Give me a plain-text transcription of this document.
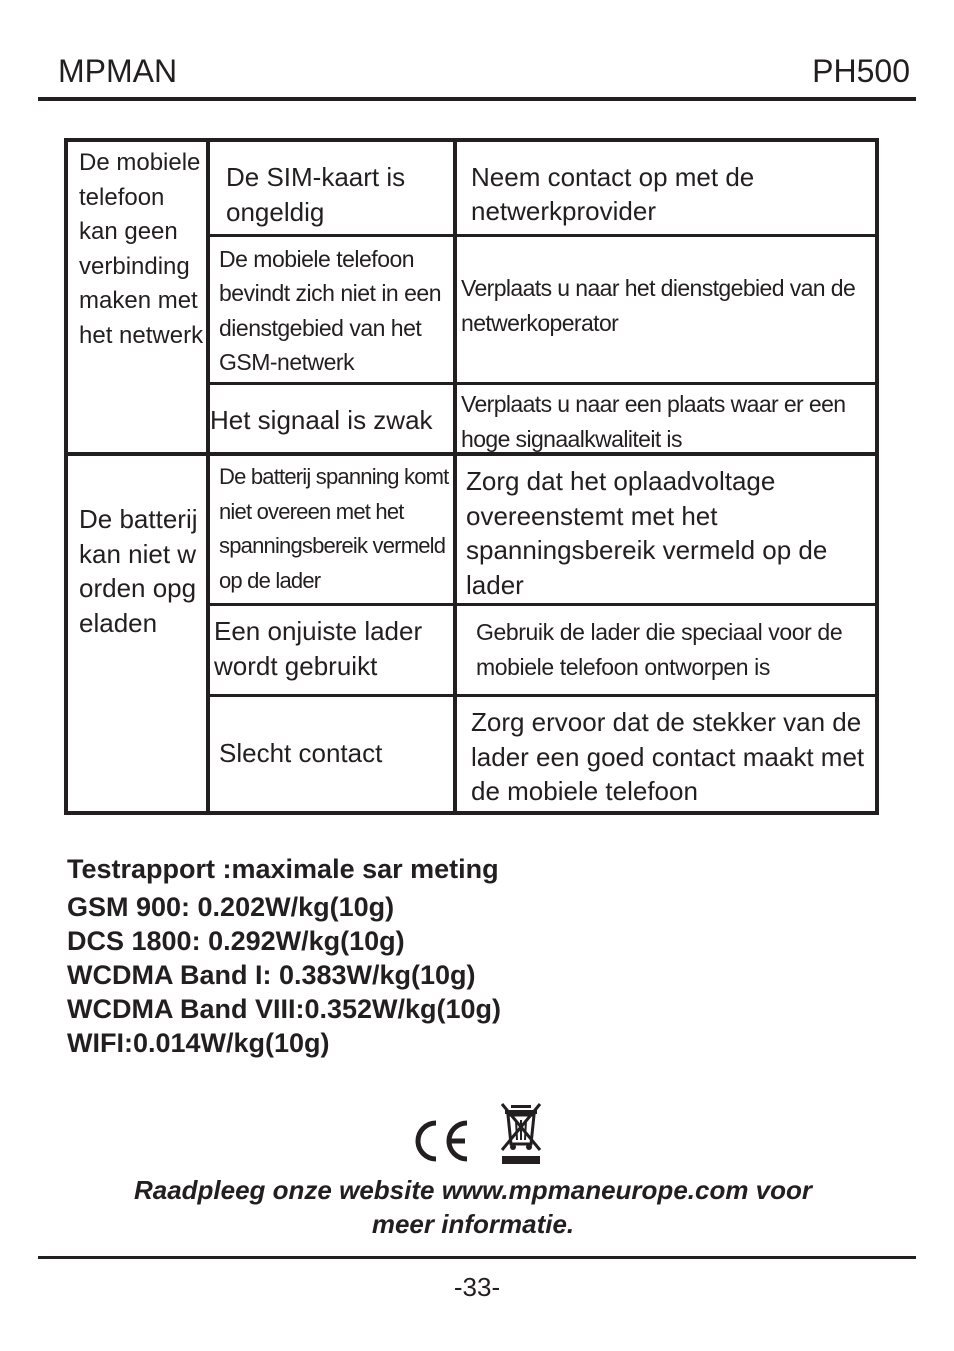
MPMAN	PH500
De mobiele telefoon kan geen verbinding maken met het netwerk
De batterij kan niet worden opgeladen
De SIM-kaart is ongeldig
Neem contact op met de netwerkprovider
De mobiele telefoon bevindt zich niet in een dienstgebied van het GSM-netwerk
Verplaats u naar het dienstgebied van de netwerkoperator
Het signaal is zwak
Verplaats u naar een plaats waar er een hoge signaalkwaliteit is
De batterij spanning komt niet overeen met het spanningsbereik vermeld op de lader
Zorg dat het oplaadvoltage overeenstemt met het spanningsbereik vermeld op de lader
Een onjuiste lader wordt gebruikt
Gebruik de lader die speciaal voor de mobiele telefoon ontworpen is
Slecht contact
Zorg ervoor dat de stekker van de lader een goed contact maakt met de mobiele telefoon
Testrapport :maximale sar meting
GSM 900: 0.202W/kg(10g)
DCS 1800: 0.292W/kg(10g)
WCDMA Band I: 0.383W/kg(10g)
WCDMA Band VIII:0.352W/kg(10g)
WIFI:0.014W/kg(10g)
Raadpleeg onze website www.mpmaneurope.com voor
meer informatie.
-33-
